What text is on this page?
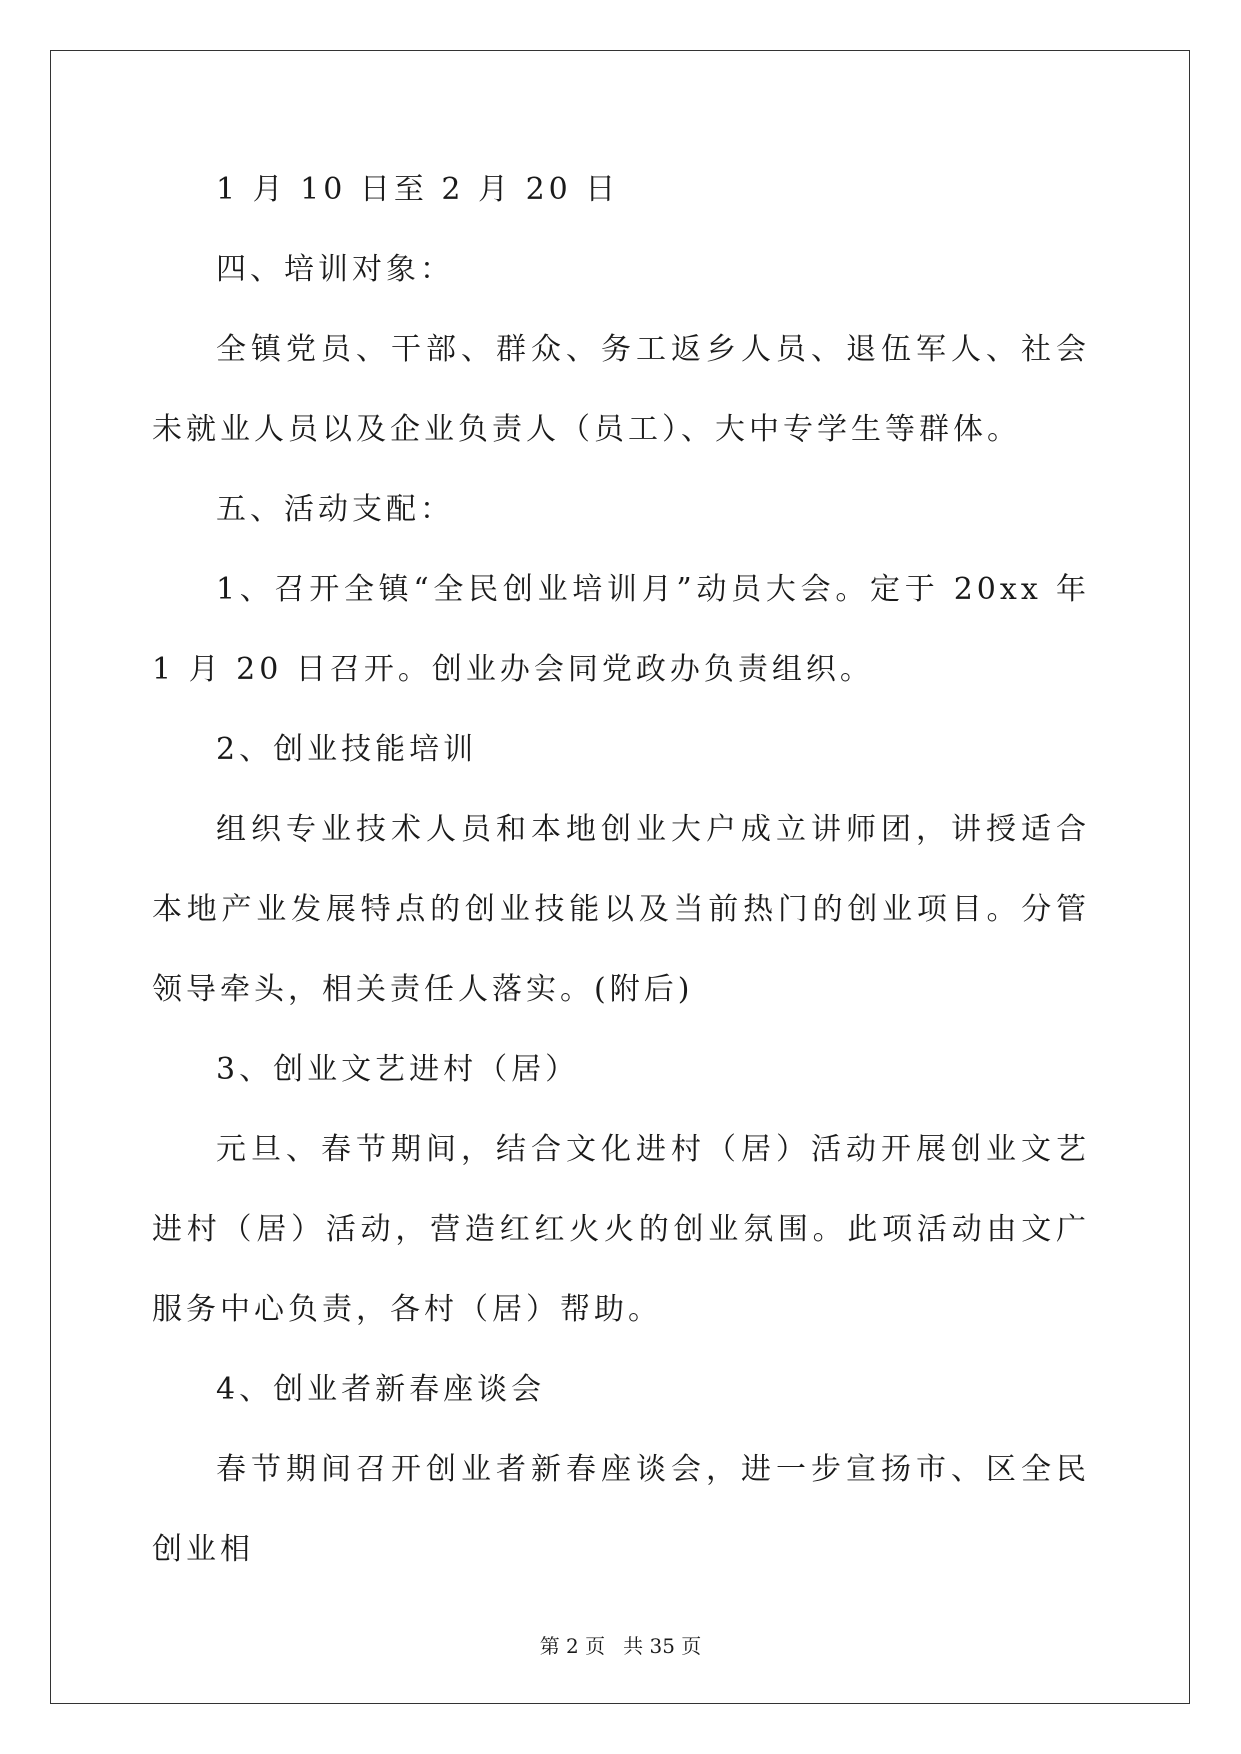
1 月 10 日至 2 月 20 日

四、培训对象：

全镇党员、干部、群众、务工返乡人员、退伍军人、社会未就业人员以及企业负责人（员工）、大中专学生等群体。

五、活动支配：

1、召开全镇“全民创业培训月”动员大会。定于 20xx 年 1 月 20 日召开。创业办会同党政办负责组织。

2、创业技能培训

组织专业技术人员和本地创业大户成立讲师团，讲授适合本地产业发展特点的创业技能以及当前热门的创业项目。分管领导牵头，相关责任人落实。(附后)

3、创业文艺进村（居）

元旦、春节期间，结合文化进村（居）活动开展创业文艺进村（居）活动，营造红红火火的创业氛围。此项活动由文广服务中心负责，各村（居）帮助。

4、创业者新春座谈会

春节期间召开创业者新春座谈会，进一步宣扬市、区全民创业相

第 2 页 共 35 页
